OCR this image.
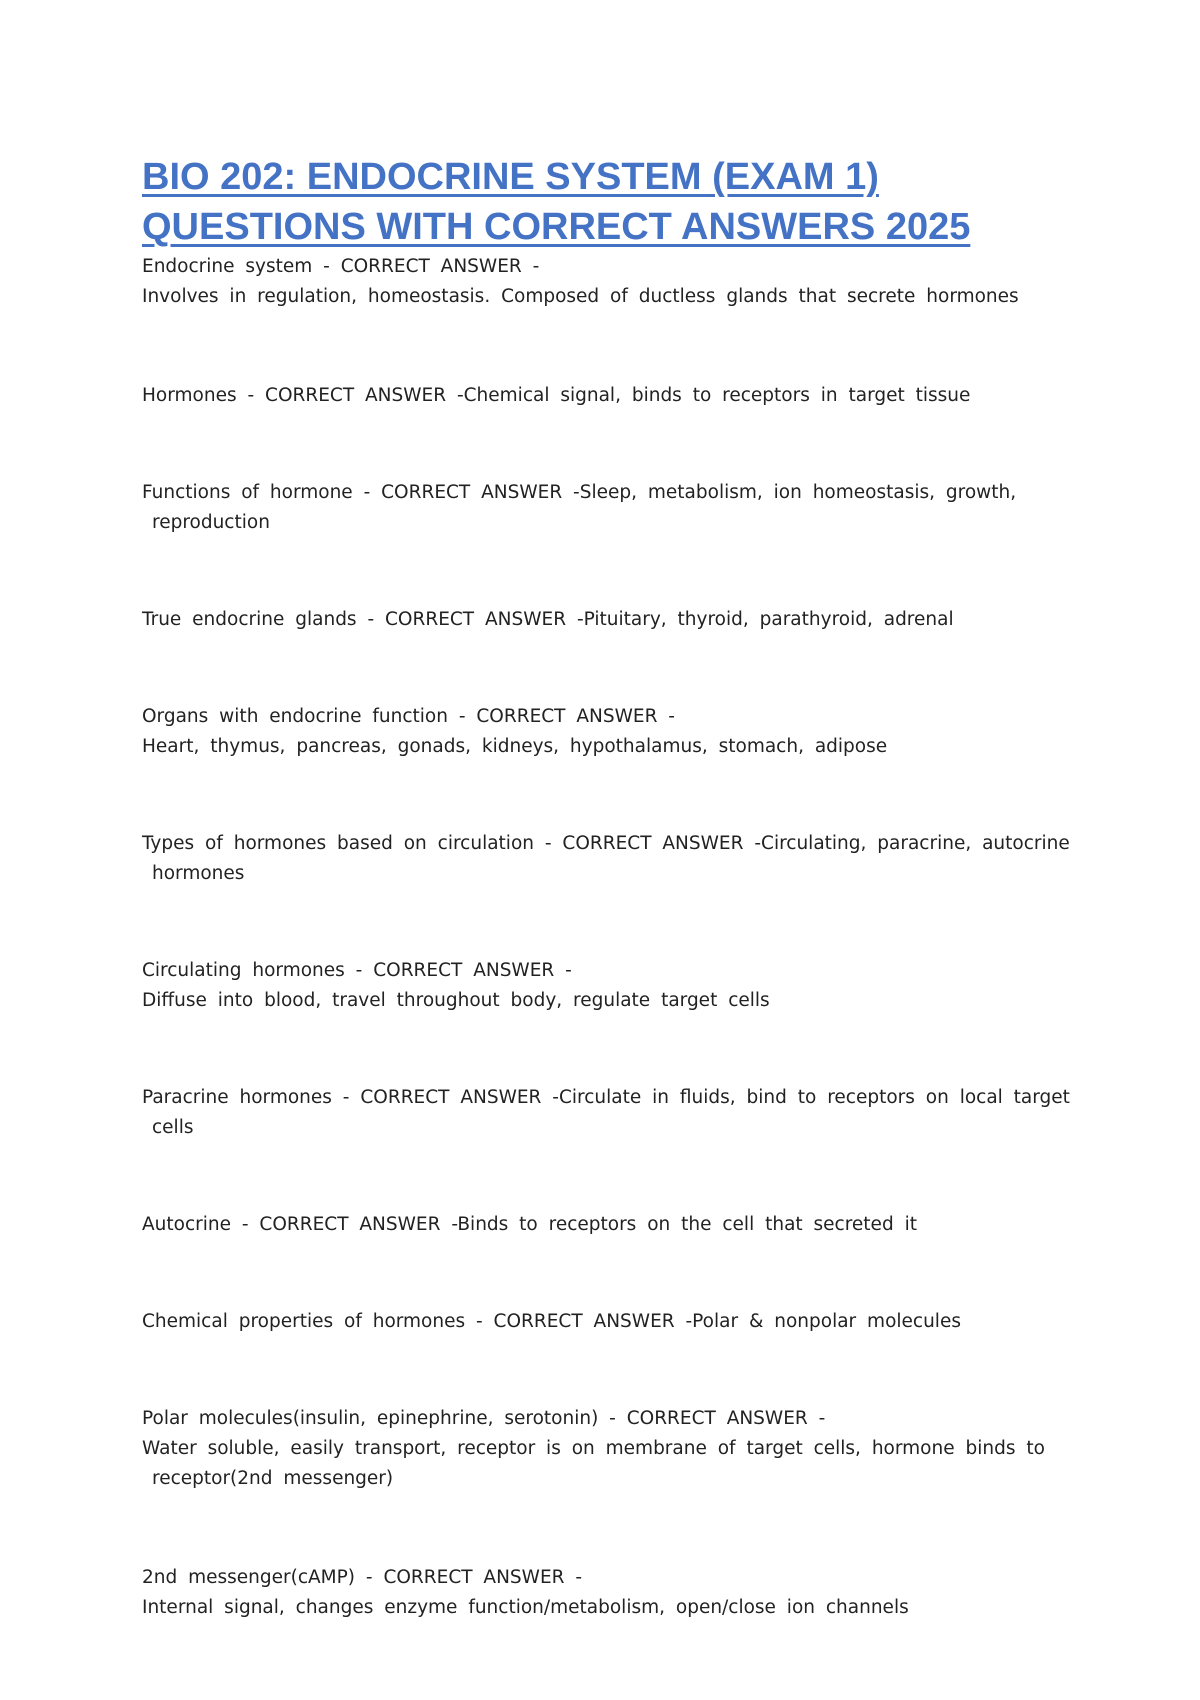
BIO 202: ENDOCRINE SYSTEM (EXAM 1)
QUESTIONS WITH CORRECT ANSWERS 2025
Endocrine system - CORRECT ANSWER -
Involves in regulation, homeostasis. Composed of ductless glands that secrete hormones
Hormones - CORRECT ANSWER -Chemical signal, binds to receptors in target tissue
Functions of hormone - CORRECT ANSWER -Sleep, metabolism, ion homeostasis, growth,
reproduction
True endocrine glands - CORRECT ANSWER -Pituitary, thyroid, parathyroid, adrenal
Organs with endocrine function - CORRECT ANSWER -
Heart, thymus, pancreas, gonads, kidneys, hypothalamus, stomach, adipose
Types of hormones based on circulation - CORRECT ANSWER -Circulating, paracrine, autocrine
hormones
Circulating hormones - CORRECT ANSWER -
Diffuse into blood, travel throughout body, regulate target cells
Paracrine hormones - CORRECT ANSWER -Circulate in fluids, bind to receptors on local target
cells
Autocrine - CORRECT ANSWER -Binds to receptors on the cell that secreted it
Chemical properties of hormones - CORRECT ANSWER -Polar & nonpolar molecules
Polar molecules(insulin, epinephrine, serotonin) - CORRECT ANSWER -
Water soluble, easily transport, receptor is on membrane of target cells, hormone binds to
receptor(2nd messenger)
2nd messenger(cAMP) - CORRECT ANSWER -
Internal signal, changes enzyme function/metabolism, open/close ion channels
